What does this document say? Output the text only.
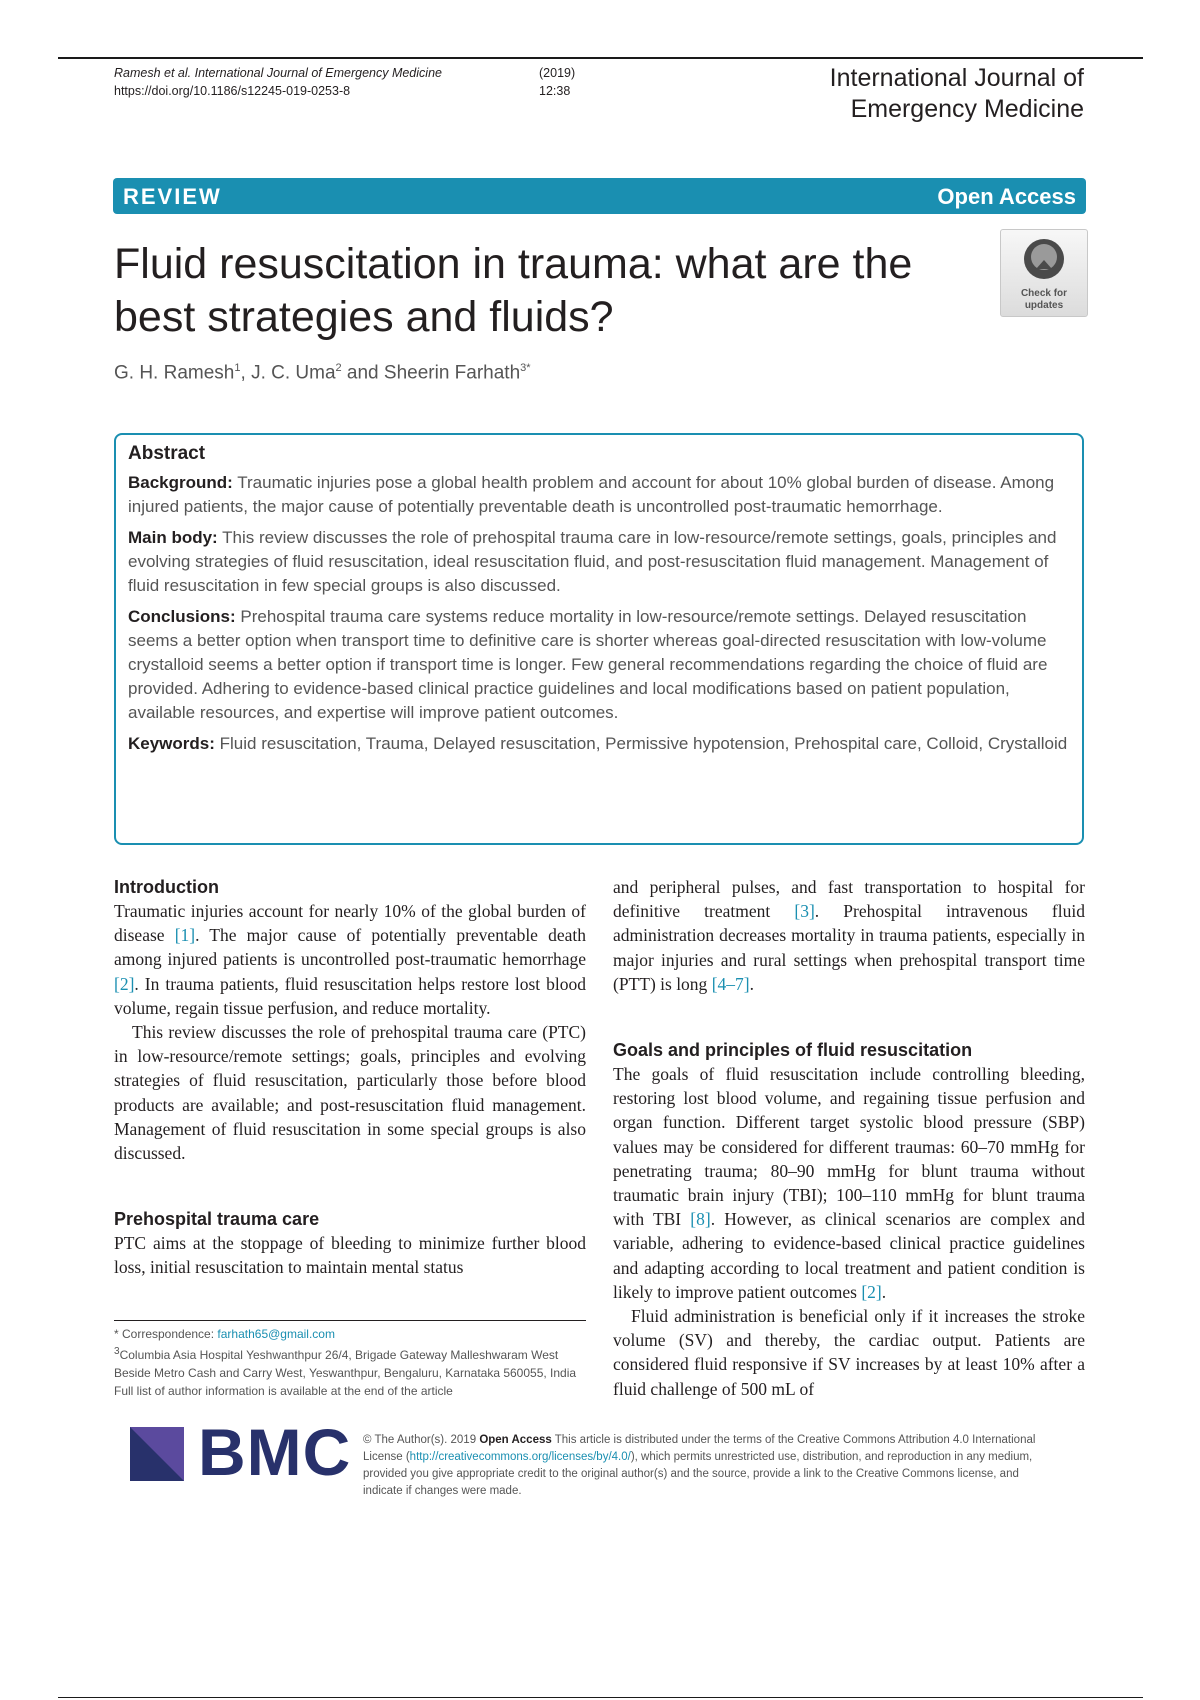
Ramesh et al. International Journal of Emergency Medicine	(2019) 12:38
https://doi.org/10.1186/s12245-019-0253-8	International Journal of
Emergency Medicine
REVIEW	Open Access
Fluid resuscitation in trauma: what are the best strategies and fluids?	Check for
updates
G. H. Ramesh$^1$, J. C. Uma$^2$ and Sheerin Farhath$^{3*}$
Abstract

Background: Traumatic injuries pose a global health problem and account for about 10% global burden of disease. Among injured patients, the major cause of potentially preventable death is uncontrolled post-traumatic hemorrhage.

Main body: This review discusses the role of prehospital trauma care in low-resource/remote settings, goals, principles and evolving strategies of fluid resuscitation, ideal resuscitation fluid, and post-resuscitation fluid management. Management of fluid resuscitation in few special groups is also discussed.

Conclusions: Prehospital trauma care systems reduce mortality in low-resource/remote settings. Delayed resuscitation seems a better option when transport time to definitive care is shorter whereas goal-directed resuscitation with low-volume crystalloid seems a better option if transport time is longer. Few general recommendations regarding the choice of fluid are provided. Adhering to evidence-based clinical practice guidelines and local modifications based on patient population, available resources, and expertise will improve patient outcomes.

Keywords: Fluid resuscitation, Trauma, Delayed resuscitation, Permissive hypotension, Prehospital care, Colloid, Crystalloid

Introduction

Traumatic injuries account for nearly 10% of the global burden of disease [1]. The major cause of potentially preventable death among injured patients is uncontrolled post-traumatic hemorrhage [2]. In trauma patients, fluid resuscitation helps restore lost blood volume, regain tissue perfusion, and reduce mortality.

This review discusses the role of prehospital trauma care (PTC) in low-resource/remote settings; goals, principles and evolving strategies of fluid resuscitation, particularly those before blood products are available; and post-resuscitation fluid management. Management of fluid resuscitation in some special groups is also discussed.

Prehospital trauma care

PTC aims at the stoppage of bleeding to minimize further blood loss, initial resuscitation to maintain mental status

and peripheral pulses, and fast transportation to hospital for definitive treatment [3]. Prehospital intravenous fluid administration decreases mortality in trauma patients, especially in major injuries and rural settings when prehospital transport time (PTT) is long [4–7].

Goals and principles of fluid resuscitation

The goals of fluid resuscitation include controlling bleeding, restoring lost blood volume, and regaining tissue perfusion and organ function. Different target systolic blood pressure (SBP) values may be considered for different traumas: 60–70 mmHg for penetrating trauma; 80–90 mmHg for blunt trauma without traumatic brain injury (TBI); 100–110 mmHg for blunt trauma with TBI [8]. However, as clinical scenarios are complex and variable, adhering to evidence-based clinical practice guidelines and adapting according to local treatment and patient condition is likely to improve patient outcomes [2].

Fluid administration is beneficial only if it increases the stroke volume (SV) and thereby, the cardiac output. Patients are considered fluid responsive if SV increases by at least 10% after a fluid challenge of 500 mL of

* Correspondence: farhath65@gmail.com
$^3$Columbia Asia Hospital Yeshwanthpur 26/4, Brigade Gateway Malleshwaram West Beside Metro Cash and Carry West, Yeswanthpur, Bengaluru, Karnataka 560055, India
Full list of author information is available at the end of the article
BMC © The Author(s). 2019 Open Access This article is distributed under the terms of the Creative Commons Attribution 4.0 International License (http://creativecommons.org/licenses/by/4.0/), which permits unrestricted use, distribution, and reproduction in any medium, provided you give appropriate credit to the original author(s) and the source, provide a link to the Creative Commons license, and indicate if changes were made.
